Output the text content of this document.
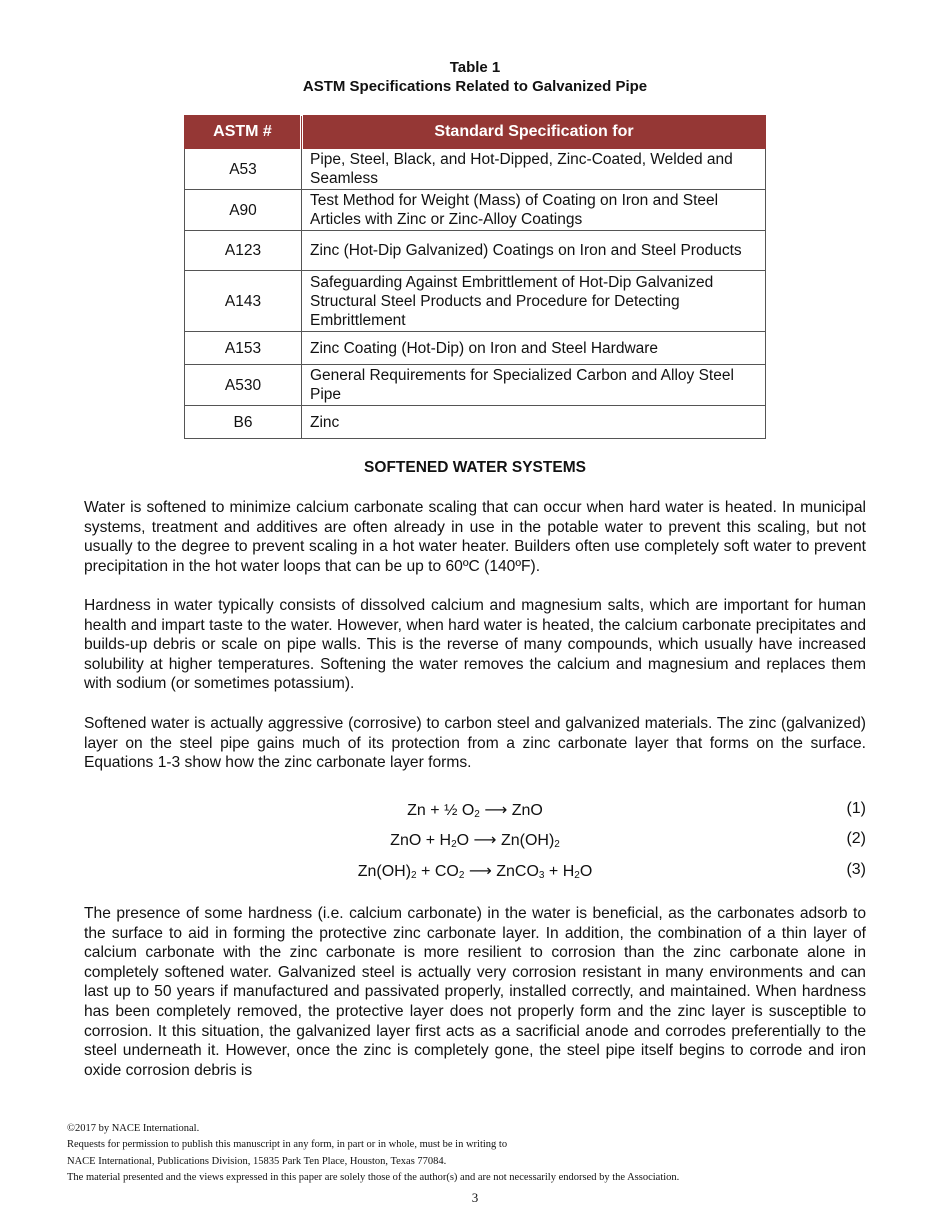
Table 1
ASTM Specifications Related to Galvanized Pipe
ASTM #	Standard Specification for
A53	Pipe, Steel, Black, and Hot-Dipped, Zinc-Coated, Welded and Seamless
A90	Test Method for Weight (Mass) of Coating on Iron and Steel Articles with Zinc or Zinc-Alloy Coatings
A123	Zinc (Hot-Dip Galvanized) Coatings on Iron and Steel Products
A143	Safeguarding Against Embrittlement of Hot-Dip Galvanized Structural Steel Products and Procedure for Detecting Embrittlement
A153	Zinc Coating (Hot-Dip) on Iron and Steel Hardware
A530	General Requirements for Specialized Carbon and Alloy Steel Pipe
B6	Zinc
SOFTENED WATER SYSTEMS

Water is softened to minimize calcium carbonate scaling that can occur when hard water is heated. In municipal systems, treatment and additives are often already in use in the potable water to prevent this scaling, but not usually to the degree to prevent scaling in a hot water heater. Builders often use completely soft water to prevent precipitation in the hot water loops that can be up to 60ºC (140ºF).

Hardness in water typically consists of dissolved calcium and magnesium salts, which are important for human health and impart taste to the water. However, when hard water is heated, the calcium carbonate precipitates and builds-up debris or scale on pipe walls. This is the reverse of many compounds, which usually have increased solubility at higher temperatures. Softening the water removes the calcium and magnesium and replaces them with sodium (or sometimes potassium).

Softened water is actually aggressive (corrosive) to carbon steel and galvanized materials. The zinc (galvanized) layer on the steel pipe gains much of its protection from a zinc carbonate layer that forms on the surface. Equations 1-3 show how the zinc carbonate layer forms.

Zn + ½ $O_2$ ⟶ ZnO	(1)
ZnO + $H_2O$ ⟶ $Zn(OH)_2$	(2)
$Zn(OH)_2 + CO_2$ ⟶ ZnCO$_3$ + $H_2O$	(3)

The presence of some hardness (i.e. calcium carbonate) in the water is beneficial, as the carbonates adsorb to the surface to aid in forming the protective zinc carbonate layer. In addition, the combination of a thin layer of calcium carbonate with the zinc carbonate is more resilient to corrosion than the zinc carbonate alone in completely softened water. Galvanized steel is actually very corrosion resistant in many environments and can last up to 50 years if manufactured and passivated properly, installed correctly, and maintained. When hardness has been completely removed, the protective layer does not properly form and the zinc layer is susceptible to corrosion. It this situation, the galvanized layer first acts as a sacrificial anode and corrodes preferentially to the steel underneath it. However, once the zinc is completely gone, the steel pipe itself begins to corrode and iron oxide corrosion debris is

©2017 by NACE International.

Requests for permission to publish this manuscript in any form, in part or in whole, must be in writing to

NACE International, Publications Division, 15835 Park Ten Place, Houston, Texas 77084.

The material presented and the views expressed in this paper are solely those of the author(s) and are not necessarily endorsed by the Association.

3
